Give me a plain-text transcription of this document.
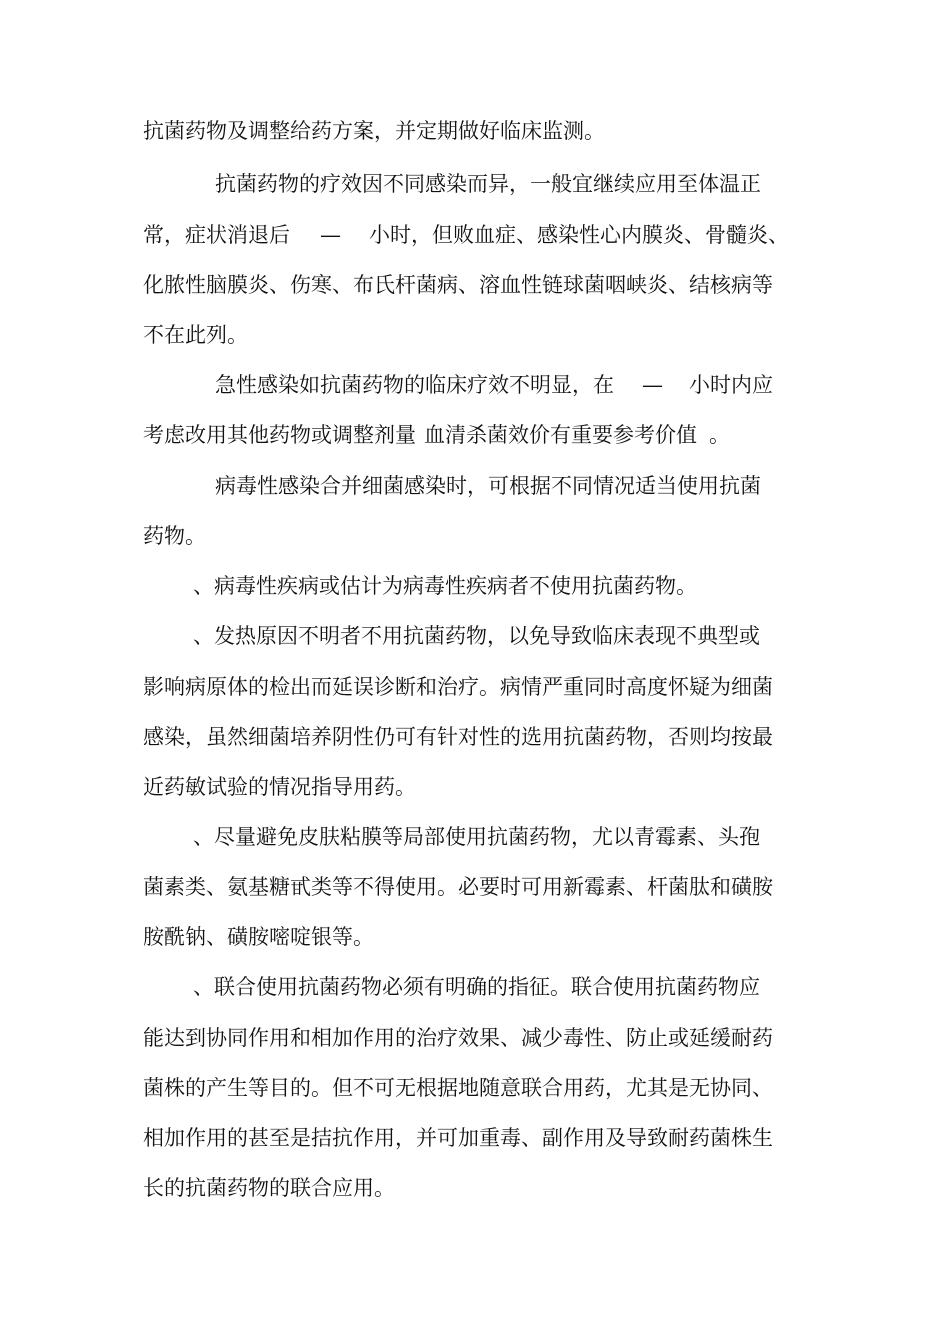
抗菌药物及调整给药方案，并定期做好临床监测。
抗菌药物的疗效因不同感染而异，一般宜继续应用至体温正
常，症状消退后 — 小时，但败血症、感染性心内膜炎、骨髓炎、
化脓性脑膜炎、伤寒、布氏杆菌病、溶血性链球菌咽峡炎、结核病等
不在此列。
急性感染如抗菌药物的临床疗效不明显，在 — 小时内应
考虑改用其他药物或调整剂量 血清杀菌效价有重要参考价值 。
病毒性感染合并细菌感染时，可根据不同情况适当使用抗菌
药物。
、病毒性疾病或估计为病毒性疾病者不使用抗菌药物。
、发热原因不明者不用抗菌药物，以免导致临床表现不典型或
影响病原体的检出而延误诊断和治疗。病情严重同时高度怀疑为细菌
感染，虽然细菌培养阴性仍可有针对性的选用抗菌药物，否则均按最
近药敏试验的情况指导用药。
、尽量避免皮肤粘膜等局部使用抗菌药物，尤以青霉素、头孢
菌素类、氨基糖甙类等不得使用。必要时可用新霉素、杆菌肽和磺胺
胺酰钠、磺胺嘧啶银等。
、联合使用抗菌药物必须有明确的指征。联合使用抗菌药物应
能达到协同作用和相加作用的治疗效果、减少毒性、防止或延缓耐药
菌株的产生等目的。但不可无根据地随意联合用药，尤其是无协同、
相加作用的甚至是拮抗作用，并可加重毒、副作用及导致耐药菌株生
长的抗菌药物的联合应用。
